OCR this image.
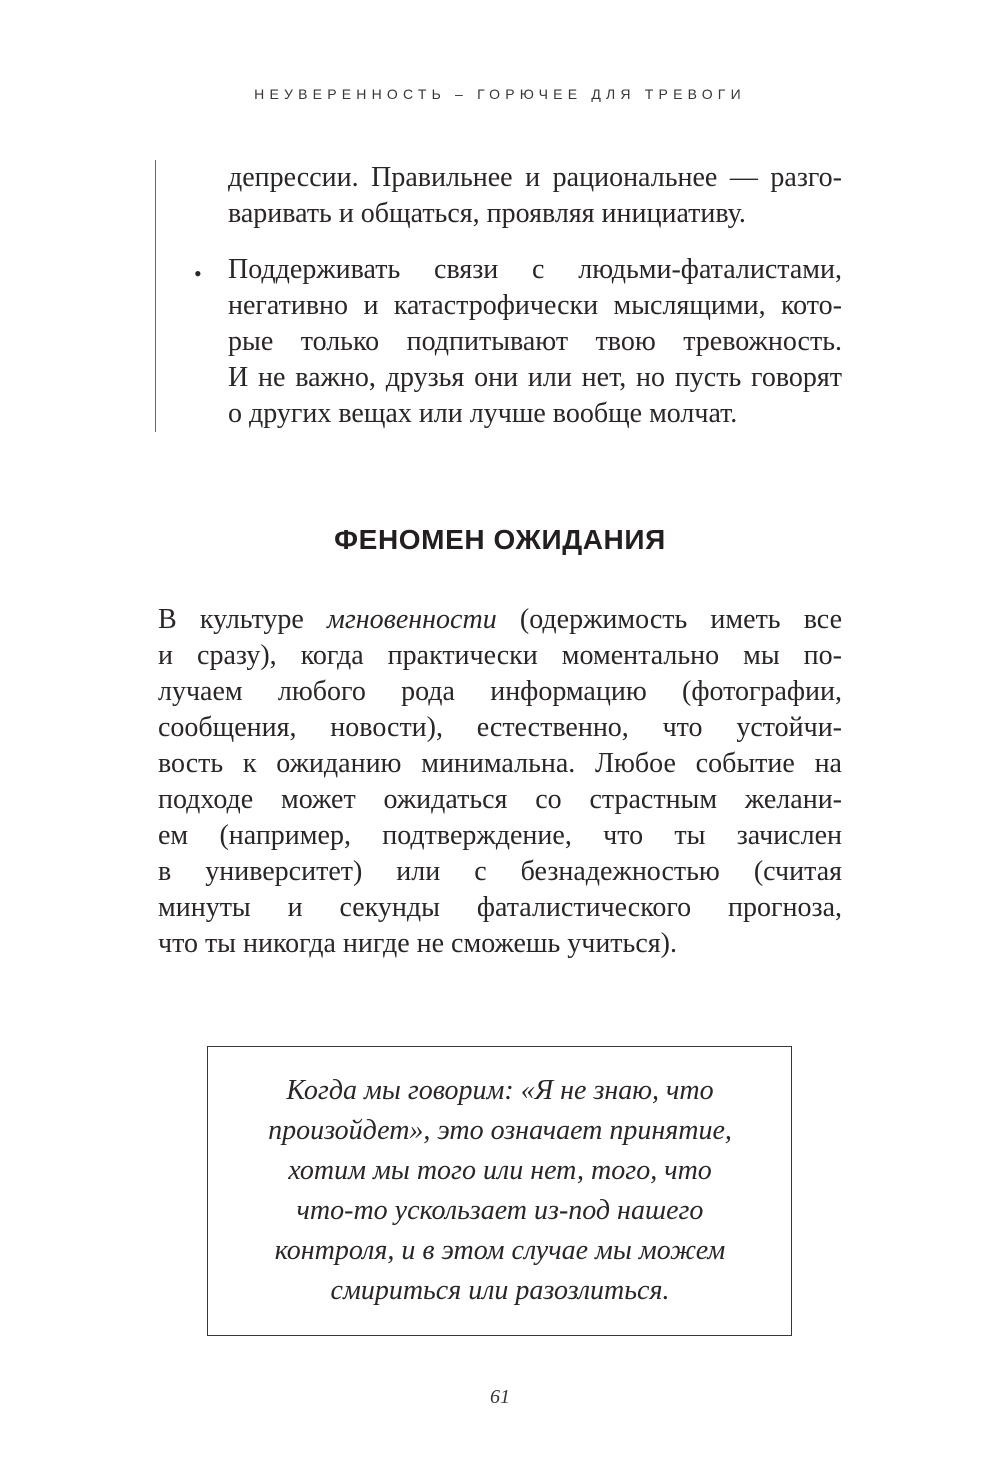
НЕУВЕРЕННОСТЬ – ГОРЮЧЕЕ ДЛЯ ТРЕВОГИ
депрессии. Правильнее и рациональнее — разго-
варивать и общаться, проявляя инициативу.
• Поддерживать связи с людьми-фаталистами,
негативно и катастрофически мыслящими, кото-
рые только подпитывают твою тревожность.
И не важно, друзья они или нет, но пусть говорят
о других вещах или лучше вообще молчат.
ФЕНОМЕН ОЖИДАНИЯ
В культуре мгновенности (одержимость иметь все
и сразу), когда практически моментально мы по-
лучаем любого рода информацию (фотографии,
сообщения, новости), естественно, что устойчи-
вость к ожиданию минимальна. Любое событие на
подходе может ожидаться со страстным желани-
ем (например, подтверждение, что ты зачислен
в университет) или с безнадежностью (считая
минуты и секунды фаталистического прогноза,
что ты никогда нигде не сможешь учиться).
Когда мы говорим: «Я не знаю, что
произойдет», это означает принятие,
хотим мы того или нет, того, что
что-то ускользает из-под нашего
контроля, и в этом случае мы можем
смириться или разозлиться.
61
